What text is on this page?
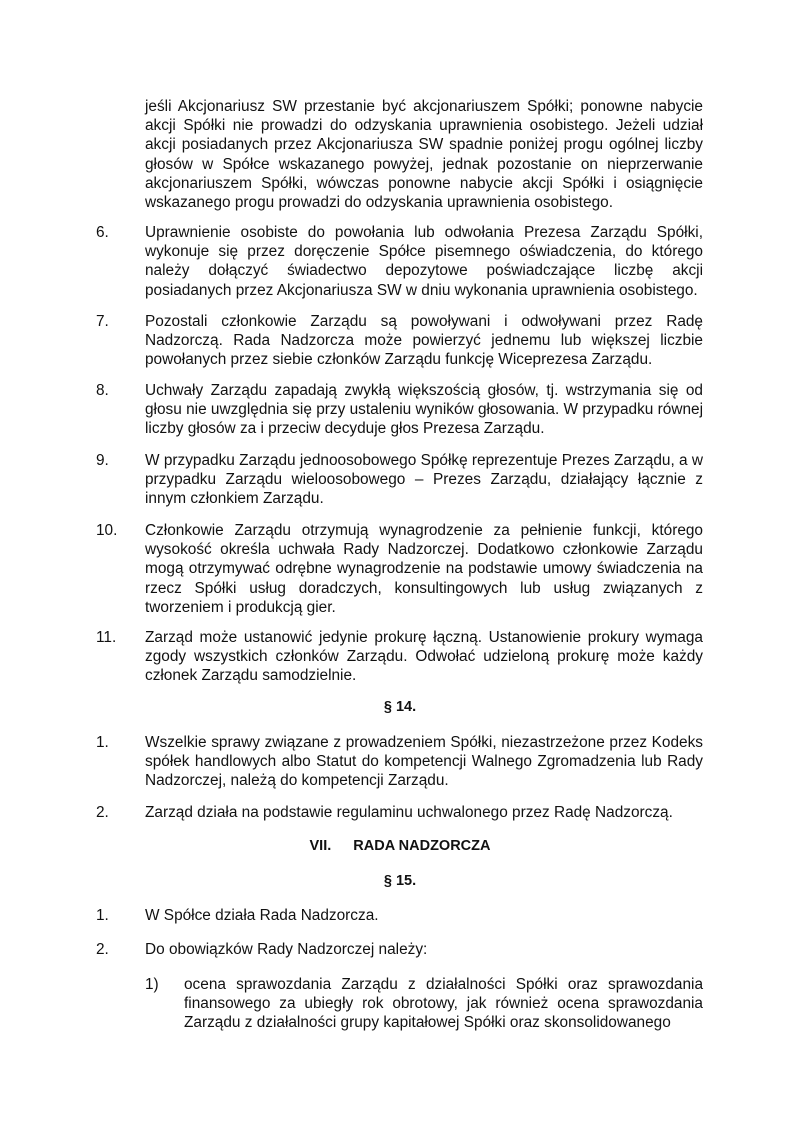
jeśli Akcjonariusz SW przestanie być akcjonariuszem Spółki; ponowne nabycie akcji Spółki nie prowadzi do odzyskania uprawnienia osobistego. Jeżeli udział akcji posiadanych przez Akcjonariusza SW spadnie poniżej progu ogólnej liczby głosów w Spółce wskazanego powyżej, jednak pozostanie on nieprzerwanie akcjonariuszem Spółki, wówczas ponowne nabycie akcji Spółki i osiągnięcie wskazanego progu prowadzi do odzyskania uprawnienia osobistego.
6. Uprawnienie osobiste do powołania lub odwołania Prezesa Zarządu Spółki, wykonuje się przez doręczenie Spółce pisemnego oświadczenia, do którego należy dołączyć świadectwo depozytowe poświadczające liczbę akcji posiadanych przez Akcjonariusza SW w dniu wykonania uprawnienia osobistego.
7. Pozostali członkowie Zarządu są powoływani i odwoływani przez Radę Nadzorczą. Rada Nadzorcza może powierzyć jednemu lub większej liczbie powołanych przez siebie członków Zarządu funkcję Wiceprezesa Zarządu.
8. Uchwały Zarządu zapadają zwykłą większością głosów, tj. wstrzymania się od głosu nie uwzględnia się przy ustaleniu wyników głosowania. W przypadku równej liczby głosów za i przeciw decyduje głos Prezesa Zarządu.
9. W przypadku Zarządu jednoosobowego Spółkę reprezentuje Prezes Zarządu, a w przypadku Zarządu wieloosobowego – Prezes Zarządu, działający łącznie z innym członkiem Zarządu.
10. Członkowie Zarządu otrzymują wynagrodzenie za pełnienie funkcji, którego wysokość określa uchwała Rady Nadzorczej. Dodatkowo członkowie Zarządu mogą otrzymywać odrębne wynagrodzenie na podstawie umowy świadczenia na rzecz Spółki usług doradczych, konsultingowych lub usług związanych z tworzeniem i produkcją gier.
11. Zarząd może ustanowić jedynie prokurę łączną. Ustanowienie prokury wymaga zgody wszystkich członków Zarządu. Odwołać udzieloną prokurę może każdy członek Zarządu samodzielnie.
§ 14.
1. Wszelkie sprawy związane z prowadzeniem Spółki, niezastrzeżone przez Kodeks spółek handlowych albo Statut do kompetencji Walnego Zgromadzenia lub Rady Nadzorczej, należą do kompetencji Zarządu.
2. Zarząd działa na podstawie regulaminu uchwalonego przez Radę Nadzorczą.
VII. RADA NADZORCZA
§ 15.
1. W Spółce działa Rada Nadzorcza.
2. Do obowiązków Rady Nadzorczej należy:
1) ocena sprawozdania Zarządu z działalności Spółki oraz sprawozdania finansowego za ubiegły rok obrotowy, jak również ocena sprawozdania Zarządu z działalności grupy kapitałowej Spółki oraz skonsolidowanego
